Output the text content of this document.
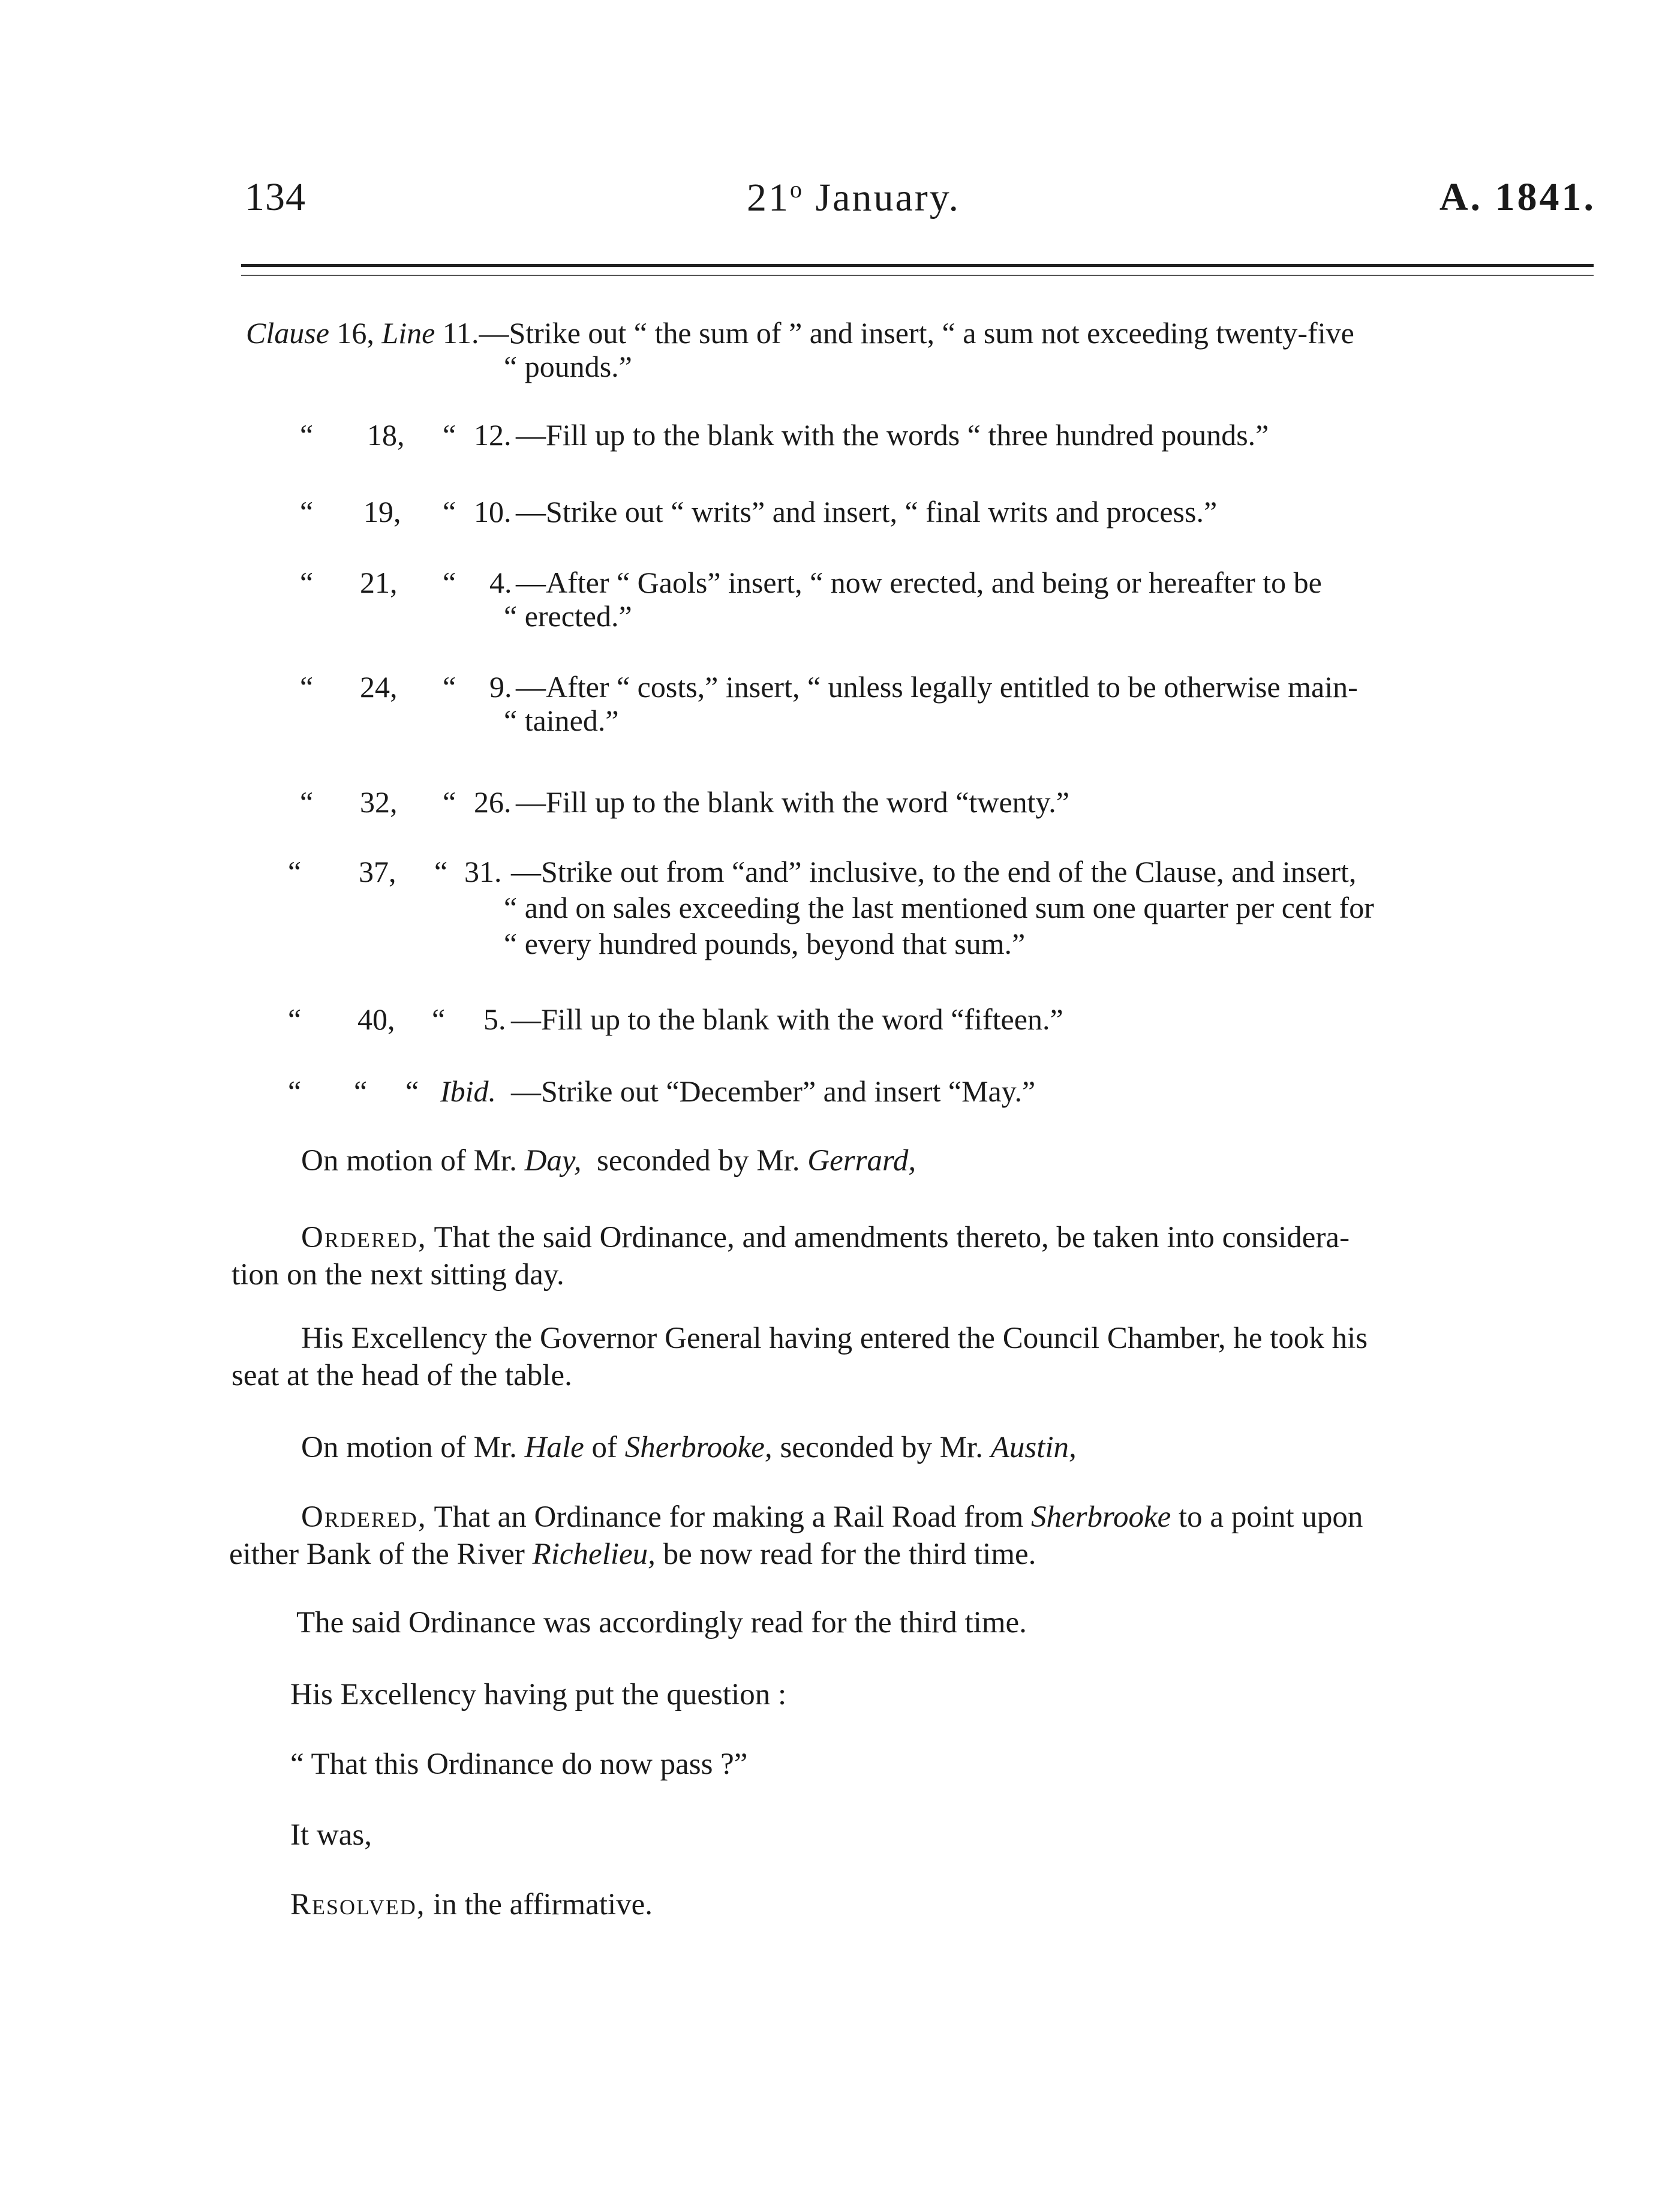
134	21$^o$ January.	A. 1841.
Clause 16, Line 11.—Strike out “ the sum of ” and insert, “ a sum not exceeding twenty-five
“ pounds.”
“ 18, “ 12. —Fill up to the blank with the words “ three hundred pounds.”
“ 19, “ 10. —Strike out “ writs” and insert, “ final writs and process.”
“ 21, “ 4. —After “ Gaols” insert, “ now erected, and being or hereafter to be
“ erected.”
“ 24, “ 9. —After “ costs,” insert, “ unless legally entitled to be otherwise main-
“ tained.”
“ 32, “ 26. —Fill up to the blank with the word “twenty.”
“ 37, “ 31. —Strike out from “and” inclusive, to the end of the Clause, and insert,
“ and on sales exceeding the last mentioned sum one quarter per cent for
“ every hundred pounds, beyond that sum.”
“ 40, “ 5. —Fill up to the blank with the word “fifteen.”
“ “ “ Ibid. —Strike out “December” and insert “May.”
On motion of Mr. Day, seconded by Mr. Gerrard,
Ordered, That the said Ordinance, and amendments thereto, be taken into considera-
tion on the next sitting day.
His Excellency the Governor General having entered the Council Chamber, he took his
seat at the head of the table.
On motion of Mr. Hale of Sherbrooke, seconded by Mr. Austin,
Ordered, That an Ordinance for making a Rail Road from Sherbrooke to a point upon
either Bank of the River Richelieu, be now read for the third time.
The said Ordinance was accordingly read for the third time.
His Excellency having put the question :
“ That this Ordinance do now pass ?”
It was,
Resolved, in the affirmative.
